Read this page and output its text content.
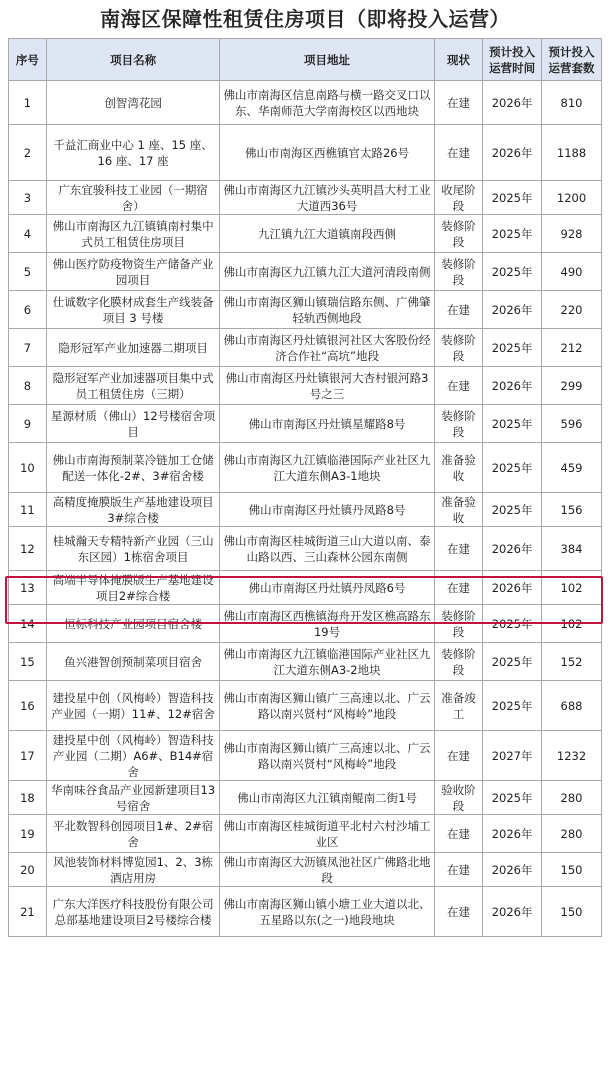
南海区保障性租赁住房项目（即将投入运营）
序号	项目名称	项目地址	现状	预计投入运营时间	预计投入运营套数
1	创智湾花园	佛山市南海区信息南路与横一路交叉口以东、华南师范大学南海校区以西地块	在建	2026年	810
2	千益汇商业中心 1 座、15 座、16 座、17 座	佛山市南海区西樵镇官太路26号	在建	2026年	1188
3	广东宜骏科技工业园（一期宿舍）	佛山市南海区九江镇沙头英明昌大村工业大道西36号	收尾阶段	2025年	1200
4	佛山市南海区九江镇镇南村集中式员工租赁住房项目	九江镇九江大道镇南段西侧	装修阶段	2025年	928
5	佛山医疗防疫物资生产储备产业园项目	佛山市南海区九江镇九江大道河清段南侧	装修阶段	2025年	490
6	仕诚数字化膜材成套生产线装备项目 3 号楼	佛山市南海区狮山镇瑞信路东侧、广佛肇轻轨西侧地段	在建	2026年	220
7	隐形冠军产业加速器二期项目	佛山市南海区丹灶镇银河社区大客股份经济合作社“高坑”地段	装修阶段	2025年	212
8	隐形冠军产业加速器项目集中式员工租赁住房（三期）	佛山市南海区丹灶镇银河大杏村银河路3号之三	在建	2026年	299
9	星源材质（佛山）12号楼宿舍项目	佛山市南海区丹灶镇星耀路8号	装修阶段	2025年	596
10	佛山市南海预制菜冷链加工仓储配送一体化-2#、3#宿舍楼	佛山市南海区九江镇临港国际产业社区九江大道东侧A3-1地块	准备验收	2025年	459
11	高精度掩膜版生产基地建设项目3#综合楼	佛山市南海区丹灶镇丹凤路8号	准备验收	2025年	156
12	桂城瀚天专精特新产业园（三山东区园）1栋宿舍项目	佛山市南海区桂城街道三山大道以南、泰山路以西、三山森林公园东南侧	在建	2026年	384
13	高端半导体掩膜版生产基地建设项目2#综合楼	佛山市南海区丹灶镇丹凤路6号	在建	2026年	102
14	恒标科技产业园项目宿舍楼	佛山市南海区西樵镇海舟开发区樵高路东19号	装修阶段	2025年	102
15	鱼兴港智创预制菜项目宿舍	佛山市南海区九江镇临港国际产业社区九江大道东侧A3-2地块	装修阶段	2025年	152
16	建投星中创（风梅岭）智造科技产业园（一期）11#、12#宿舍	佛山市南海区狮山镇广三高速以北、广云路以南兴贤村“风梅岭”地段	准备竣工	2025年	688
17	建投星中创（风梅岭）智造科技产业园（二期）A6#、B14#宿舍	佛山市南海区狮山镇广三高速以北、广云路以南兴贤村“风梅岭”地段	在建	2027年	1232
18	华南味谷食品产业园新建项目13号宿舍	佛山市南海区九江镇南鲲南二街1号	验收阶段	2025年	280
19	平北数智科创园项目1#、2#宿舍	佛山市南海区桂城街道平北村六村沙埔工业区	在建	2026年	280
20	风池装饰材料博览园1、2、3栋酒店用房	佛山市南海区大沥镇凤池社区广佛路北地段	在建	2026年	150
21	广东大洋医疗科技股份有限公司总部基地建设项目2号楼综合楼	佛山市南海区狮山镇小塘工业大道以北、五星路以东(之一)地段地块	在建	2026年	150
